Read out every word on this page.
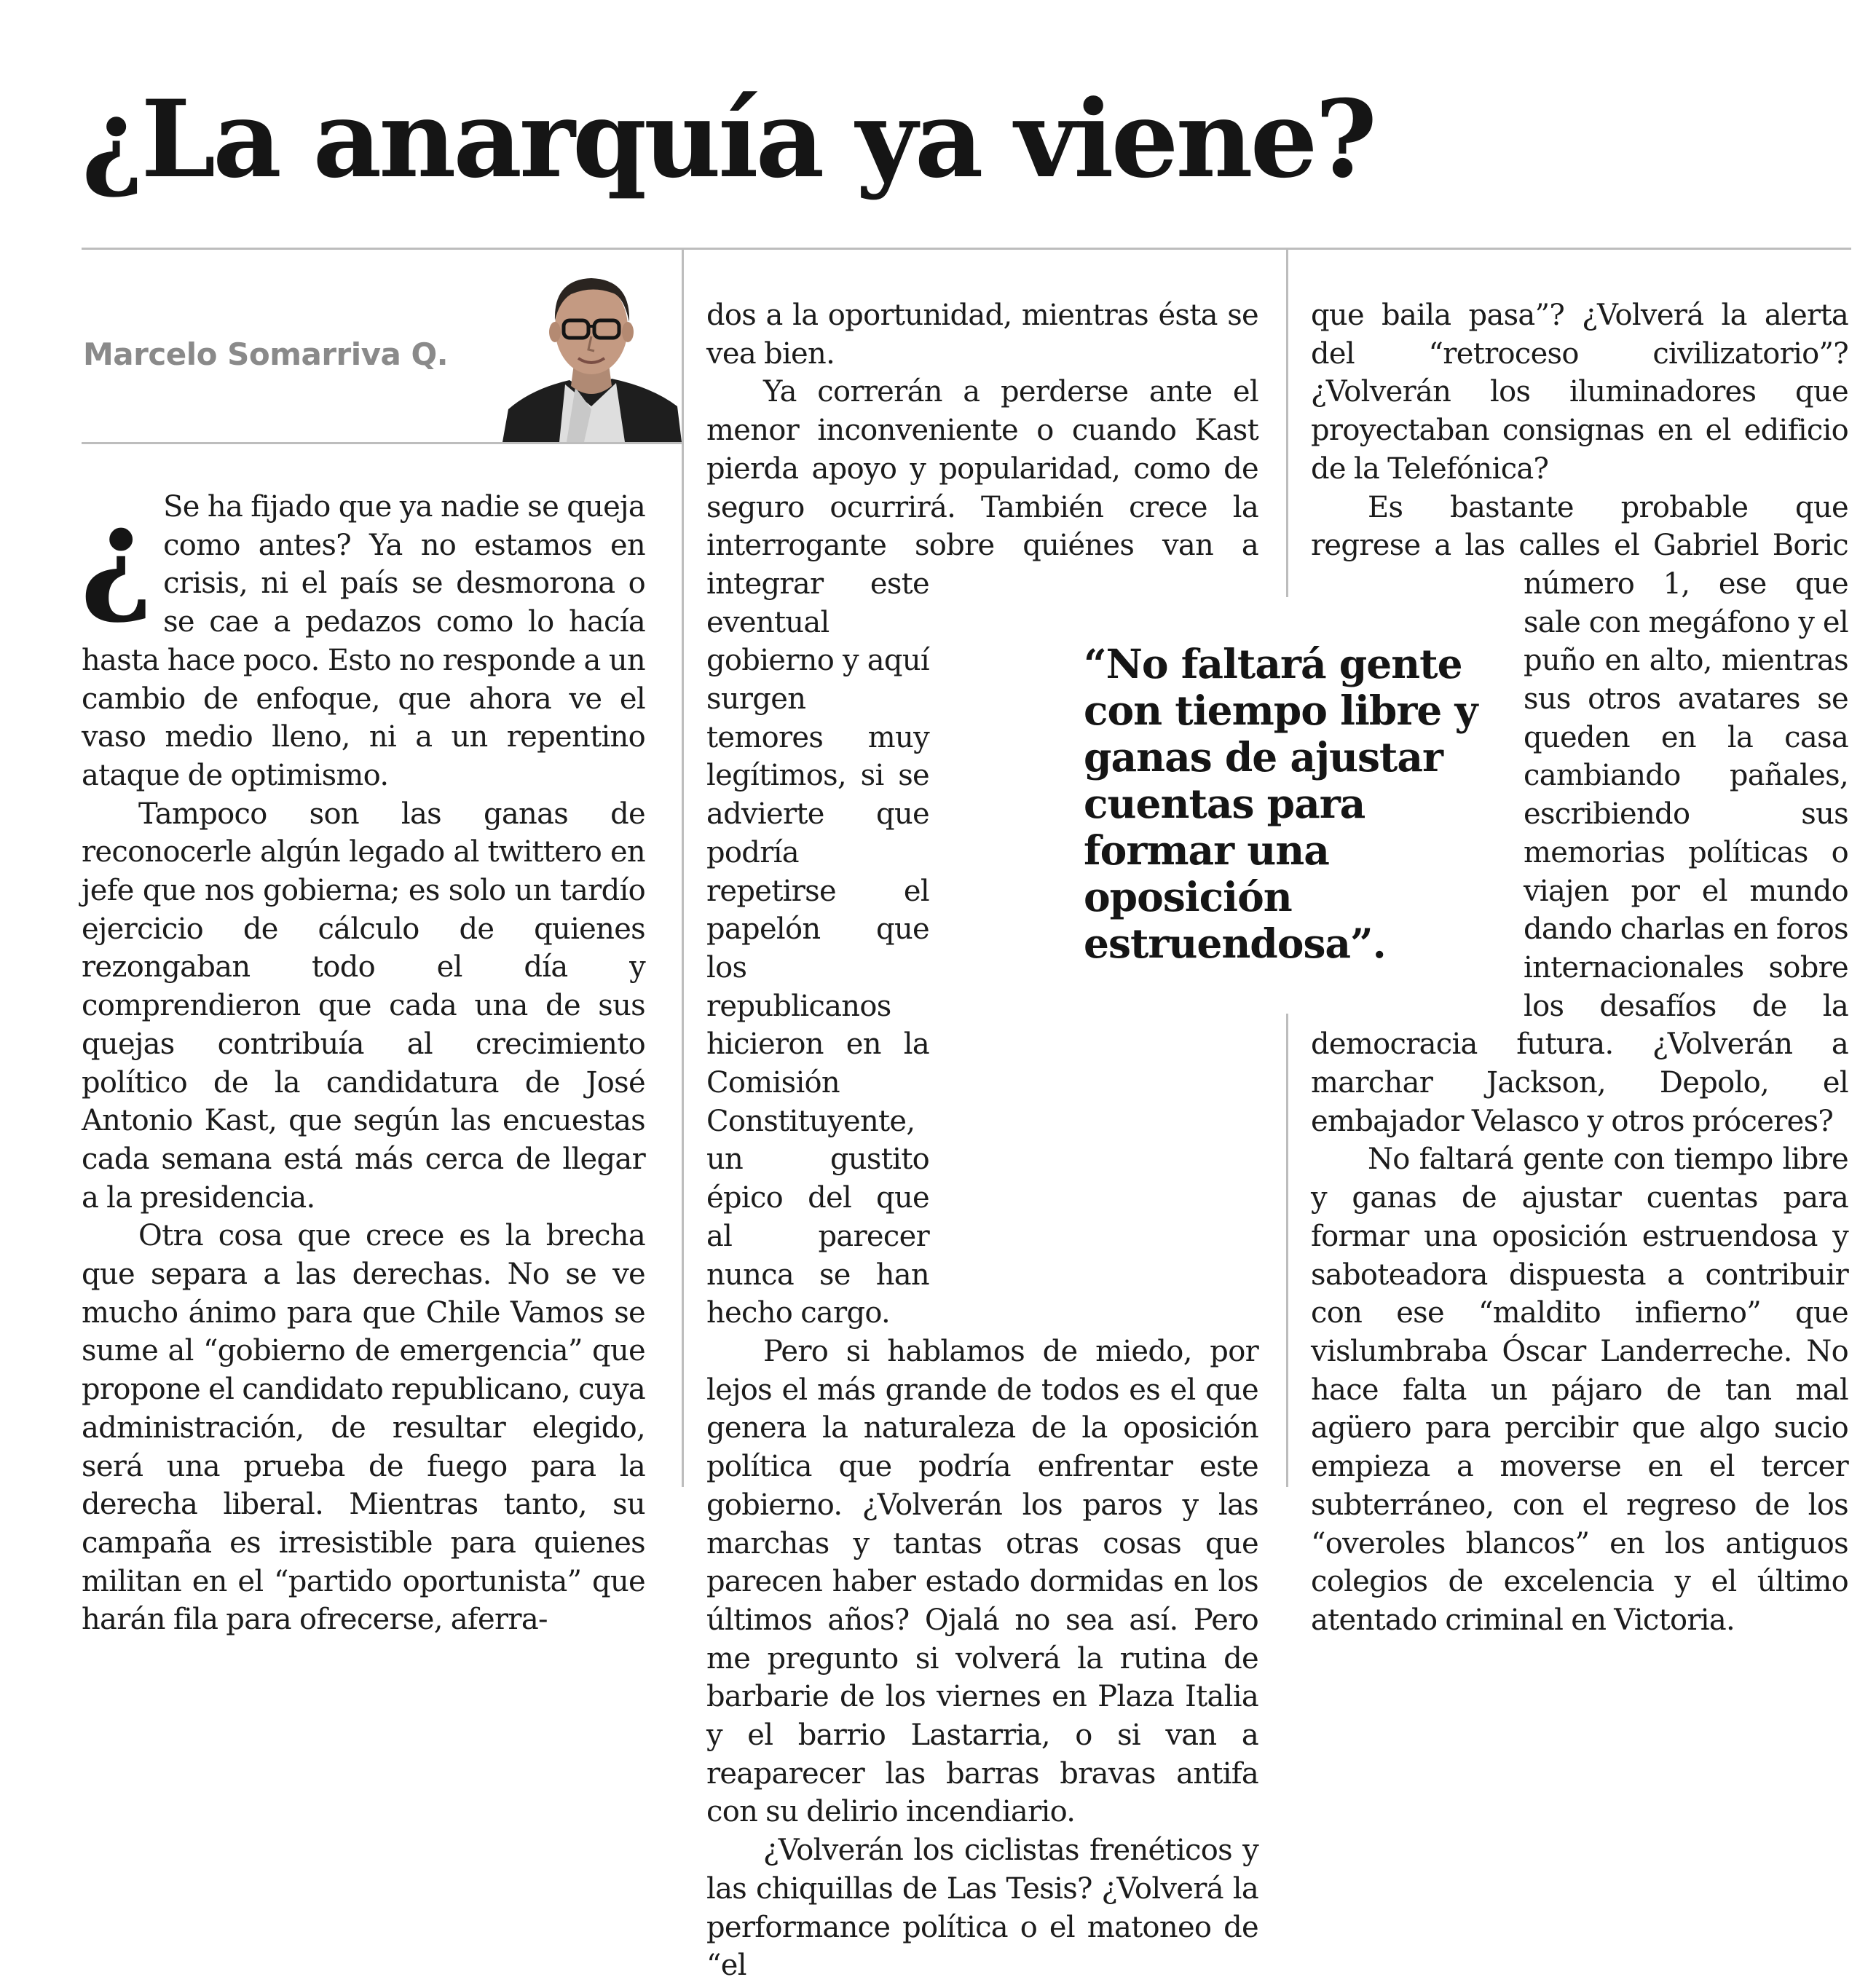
¿La anarquía ya viene?
Marcelo Somarriva Q.
¿ Se ha fijado que ya nadie se queja como antes? Ya no estamos en crisis, ni el país se desmorona o se cae a pedazos como lo hacía hasta hace poco. Esto no responde a un cambio de enfoque, que ahora ve el vaso medio lleno, ni a un repentino ataque de optimismo.

Tampoco son las ganas de reconocerle algún legado al twittero en jefe que nos gobierna; es solo un tardío ejercicio de cálculo de quienes rezongaban todo el día y comprendieron que cada una de sus quejas contribuía al crecimiento político de la candidatura de José Antonio Kast, que según las encuestas cada semana está más cerca de llegar a la presidencia.

Otra cosa que crece es la brecha que separa a las derechas. No se ve mucho ánimo para que Chile Vamos se sume al “gobierno de emergencia” que propone el candidato republicano, cuya administración, de resultar elegido, será una prueba de fuego para la derecha liberal. Mientras tanto, su campaña es irresistible para quienes militan en el “partido oportunista” que harán fila para ofrecerse, aferra-

dos a la oportunidad, mientras ésta se vea bien.

Ya correrán a perderse ante el menor inconveniente o cuando Kast pierda apoyo y popularidad, como de seguro ocurrirá. También crece la interrogante sobre quiénes van a integrar este eventual gobierno y aquí surgen temores muy legítimos, si se advierte que podría repetirse el papelón que los republicanos hicieron en la Comisión Constituyente, un gustito épico del que al parecer nunca se han hecho cargo.

Pero si hablamos de miedo, por lejos el más grande de todos es el que genera la naturaleza de la oposición política que podría enfrentar este gobierno. ¿Volverán los paros y las marchas y tantas otras cosas que parecen haber estado dormidas en los últimos años? Ojalá no sea así. Pero me pregunto si volverá la rutina de barbarie de los viernes en Plaza Italia y el barrio Lastarria, o si van a reaparecer las barras bravas antifa con su delirio incendiario.

¿Volverán los ciclistas frenéticos y las chiquillas de Las Tesis? ¿Volverá la performance política o el matoneo de “el

que baila pasa”? ¿Volverá la alerta del “retroceso civilizatorio”? ¿Volverán los iluminadores que proyectaban consignas en el edificio de la Telefónica?

Es bastante probable que regrese a las calles el Gabriel Boric número 1, ese que sale con megáfono y el puño en alto, mientras sus otros avatares se queden en la casa cambiando pañales, escribiendo sus memorias políticas o viajen por el mundo dando charlas en foros internacionales sobre los desafíos de la democracia futura. ¿Volverán a marchar Jackson, Depolo, el embajador Velasco y otros próceres?

No faltará gente con tiempo libre y ganas de ajustar cuentas para formar una oposición estruendosa y saboteadora dispuesta a contribuir con ese “maldito infierno” que vislumbraba Óscar Landerreche. No hace falta un pájaro de tan mal agüero para percibir que algo sucio empieza a moverse en el tercer subterráneo, con el regreso de los “overoles blancos” en los antiguos colegios de excelencia y el último atentado criminal en Victoria.

“No faltará gente con tiempo libre y ganas de ajustar cuentas para formar una oposición estruendosa”.
